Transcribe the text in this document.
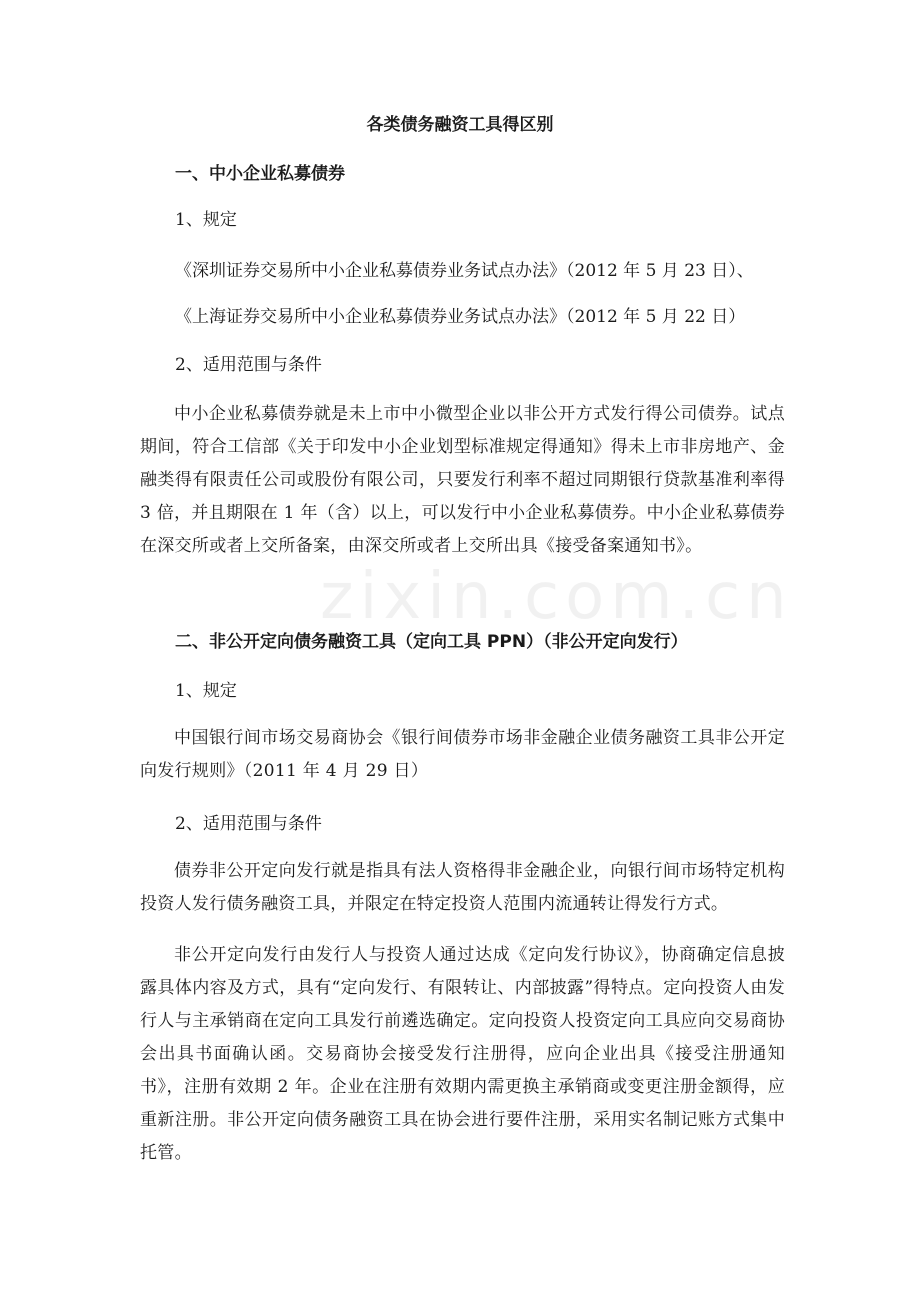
各类债务融资工具得区别
一、中小企业私募债券

1、规定

《深圳证券交易所中小企业私募债券业务试点办法》（2012 年 5 月 23 日）、

《上海证券交易所中小企业私募债券业务试点办法》（2012 年 5 月 22 日）

2、适用范围与条件

中小企业私募债券就是未上市中小微型企业以非公开方式发行得公司债券。试点期间，符合工信部《关于印发中小企业划型标准规定得通知》得未上市非房地产、金融类得有限责任公司或股份有限公司，只要发行利率不超过同期银行贷款基准利率得 3 倍，并且期限在 1 年（含）以上，可以发行中小企业私募债券。中小企业私募债券在深交所或者上交所备案，由深交所或者上交所出具《接受备案通知书》。

二、非公开定向债务融资工具（定向工具 PPN）（非公开定向发行）

1、规定

中国银行间市场交易商协会《银行间债券市场非金融企业债务融资工具非公开定向发行规则》（2011 年 4 月 29 日）

2、适用范围与条件

债券非公开定向发行就是指具有法人资格得非金融企业，向银行间市场特定机构投资人发行债务融资工具，并限定在特定投资人范围内流通转让得发行方式。

非公开定向发行由发行人与投资人通过达成《定向发行协议》，协商确定信息披露具体内容及方式，具有“定向发行、有限转让、内部披露”得特点。定向投资人由发行人与主承销商在定向工具发行前遴选确定。定向投资人投资定向工具应向交易商协会出具书面确认函。交易商协会接受发行注册得，应向企业出具《接受注册通知书》，注册有效期 2 年。企业在注册有效期内需更换主承销商或变更注册金额得，应重新注册。非公开定向债务融资工具在协会进行要件注册，采用实名制记账方式集中托管。

zixin.com.cn
